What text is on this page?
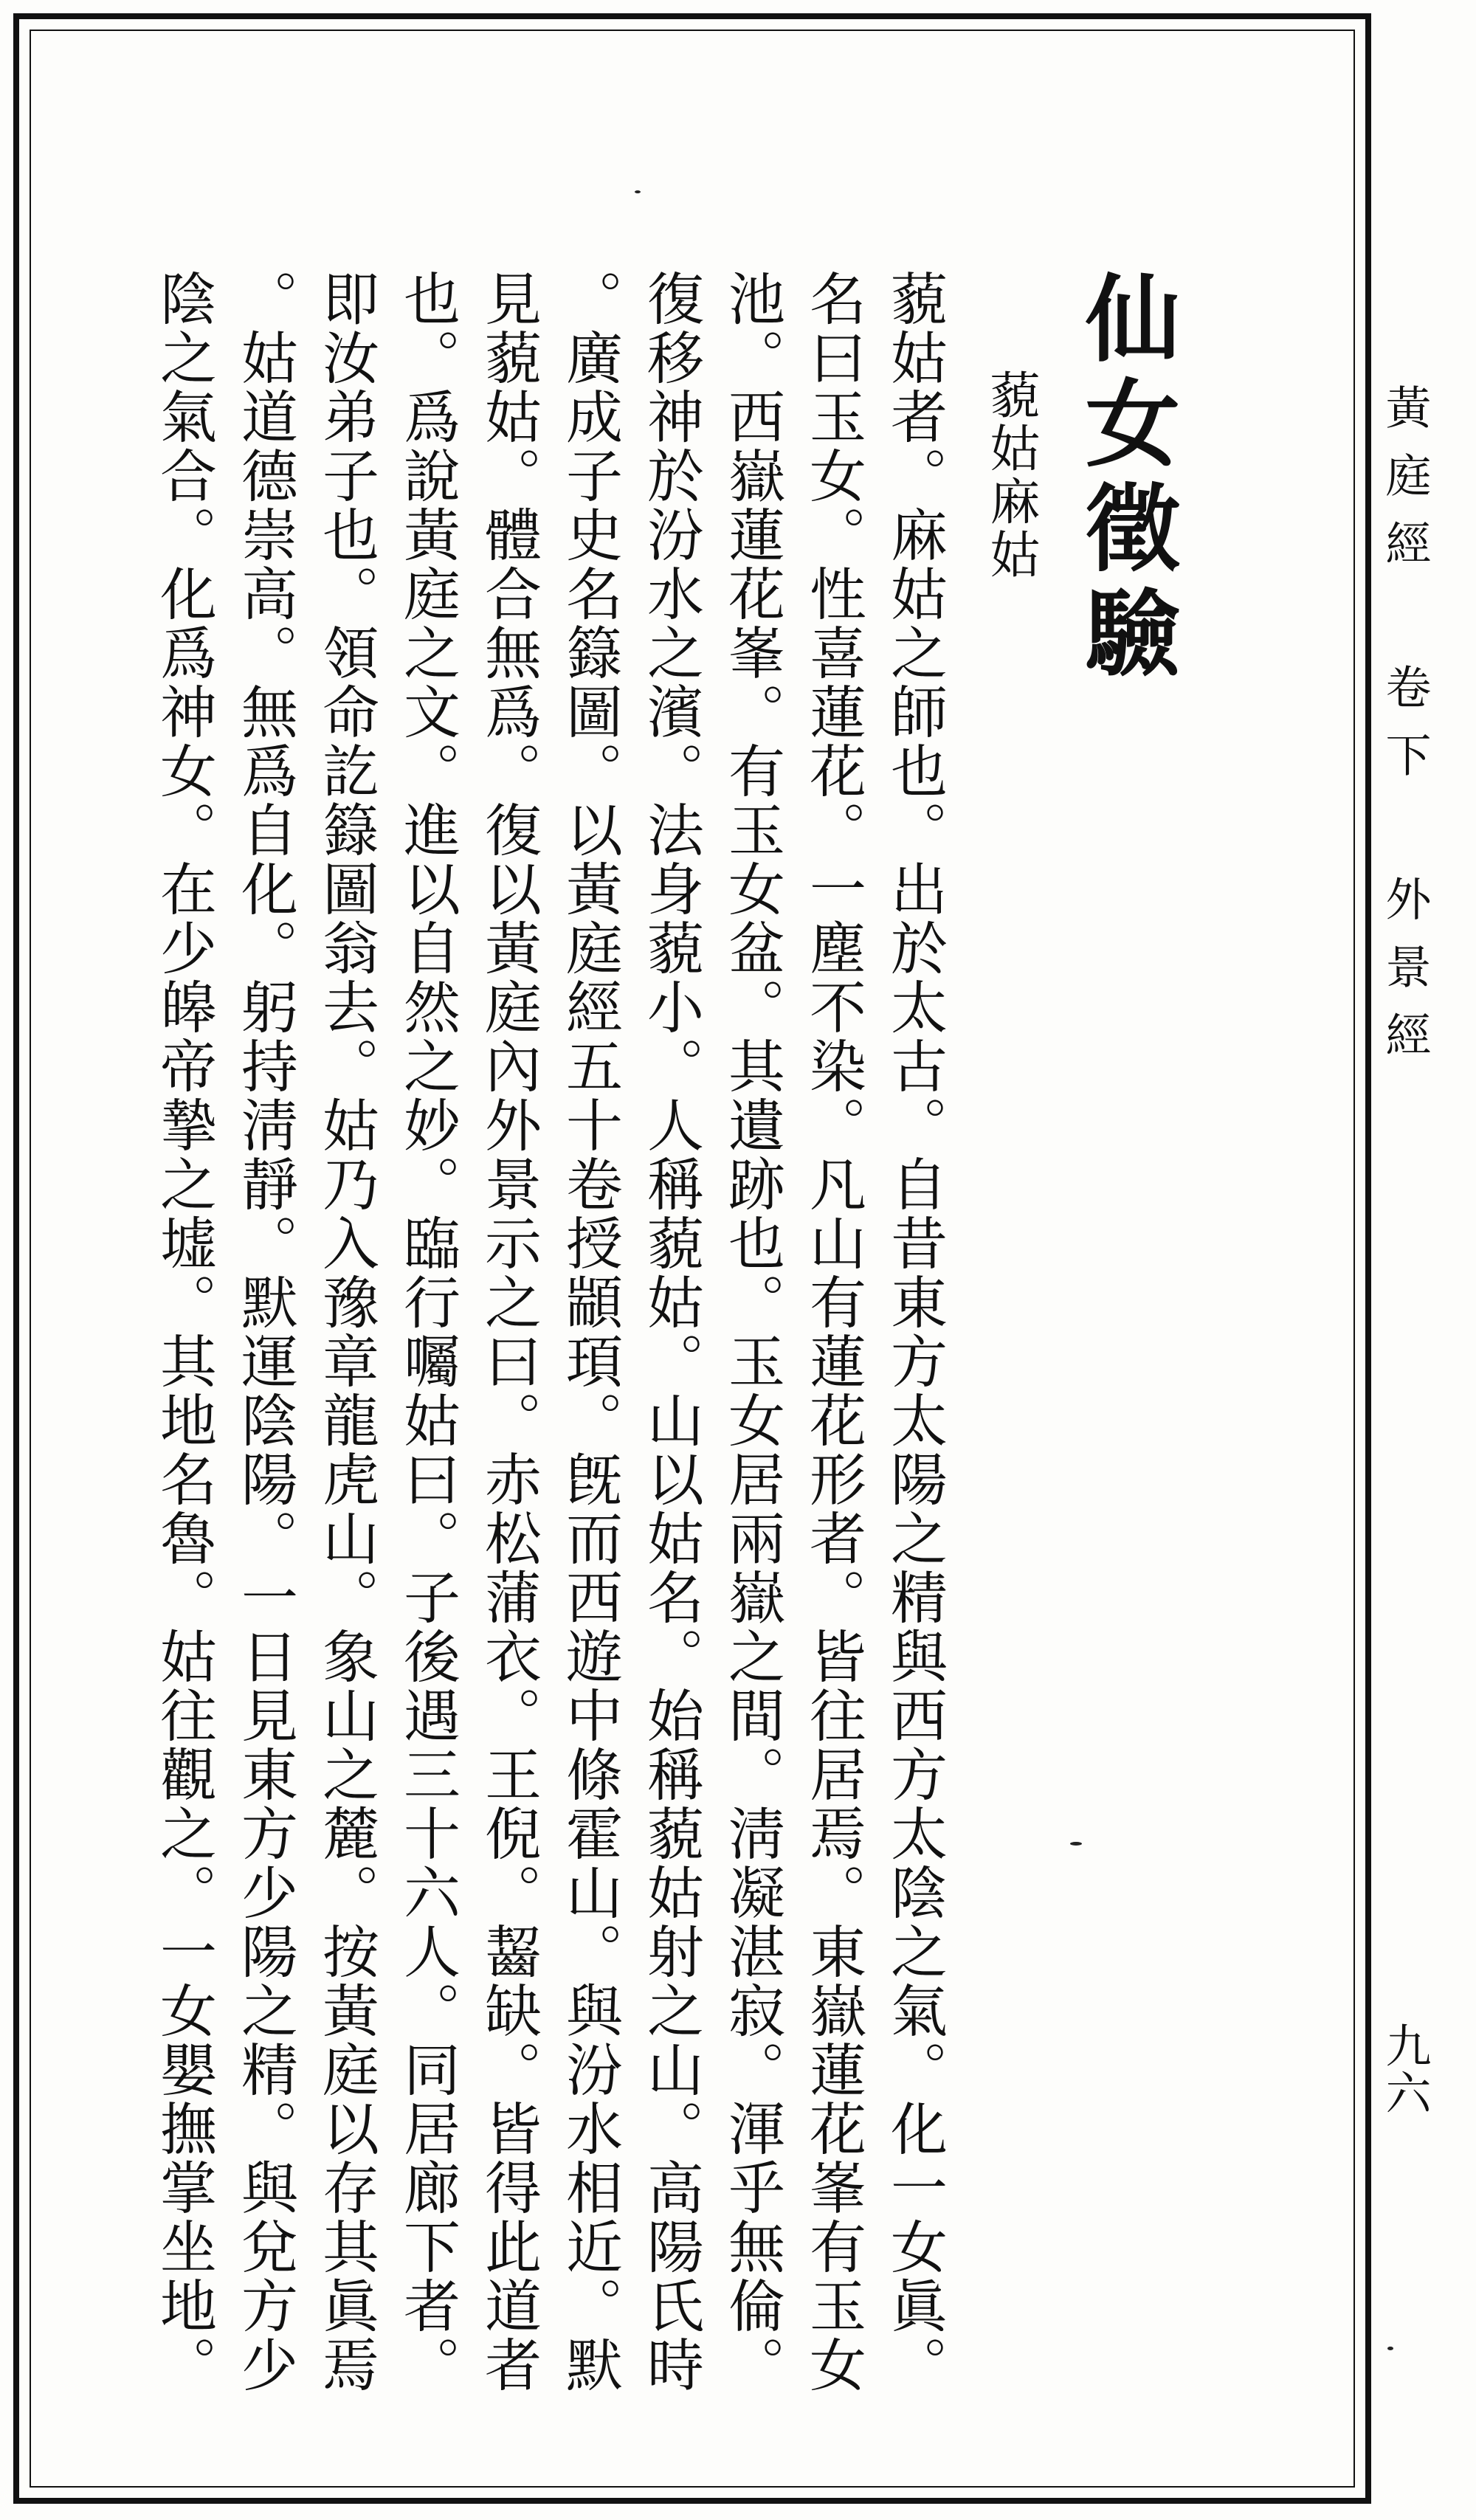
黃庭經 卷下 外景經
九六
仙女徵驗
藐姑麻姑
藐姑者。麻姑之師也。出於太古。自昔東方太陽之精與西方太陰之氣。化一女眞。
名曰玉女。性喜蓮花。一塵不染。凡山有蓮花形者。皆往居焉。東嶽蓮花峯有玉女
池。西嶽蓮花峯。有玉女盆。其遺跡也。玉女居兩嶽之間。淸凝湛寂。渾乎無倫。
復移神於汾水之濱。法身藐小。人稱藐姑。山以姑名。始稱藐姑射之山。高陽氏時
。廣成子史名籙圖。以黃庭經五十卷授顓頊。旣而西遊中條霍山。與汾水相近。默
見藐姑。體合無爲。復以黃庭內外景示之曰。赤松蒲衣。王倪。齧缺。皆得此道者
也。爲說黃庭之文。進以自然之妙。臨行囑姑曰。子後遇三十六人。同居廊下者。
即汝弟子也。領命訖籙圖翁去。姑乃入豫章龍虎山。象山之麓。按黃庭以存其眞焉
。姑道德崇高。無爲自化。躬持淸靜。默運陰陽。一日見東方少陽之精。與兌方少
陰之氣合。化爲神女。在少皞帝摯之墟。其地名魯。姑往觀之。一女嬰撫掌坐地。
